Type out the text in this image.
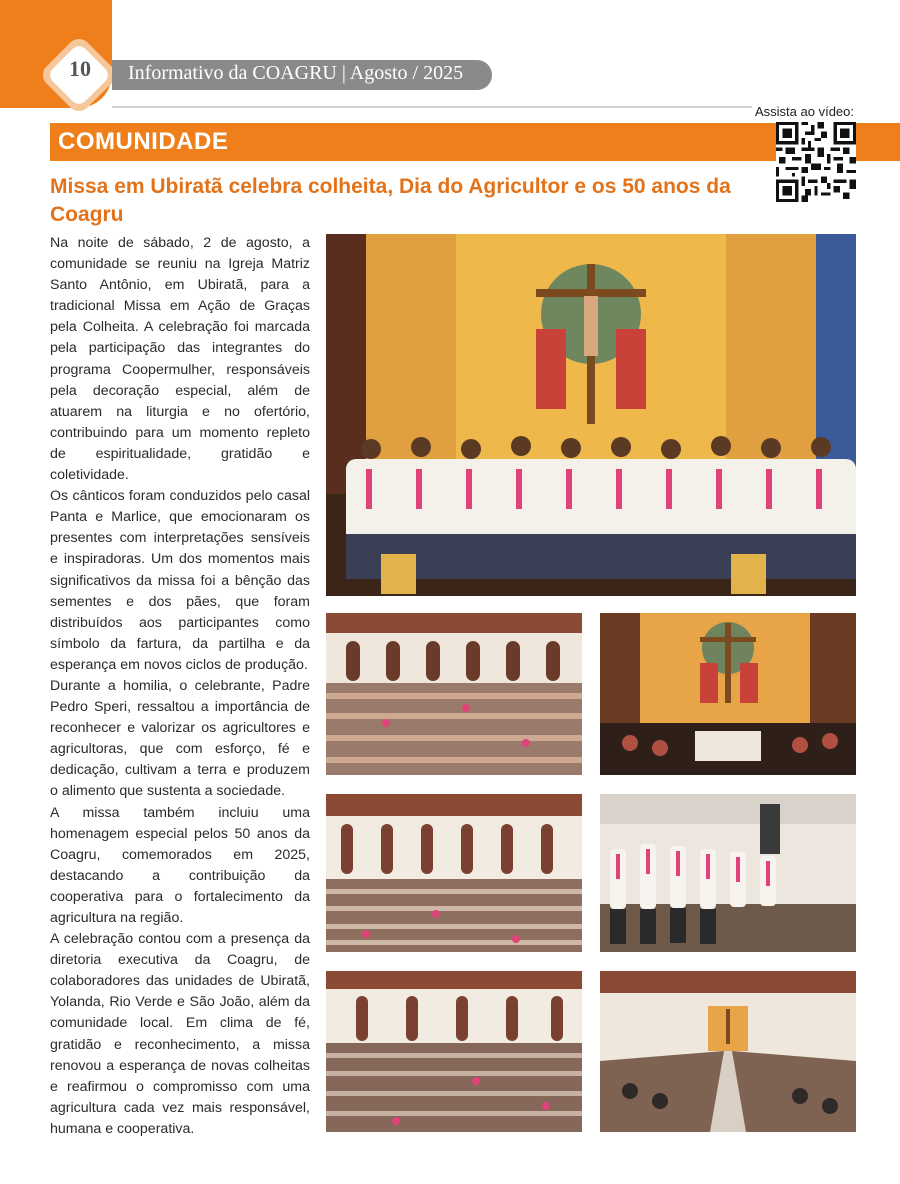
10	Informativo da COAGRU | Agosto / 2025
COMUNIDADE
Assista ao vídeo:
Missa em Ubiratã celebra colheita, Dia do Agricultor e os 50 anos da Coagru

Na noite de sábado, 2 de agosto, a comunidade se reuniu na Igreja Matriz Santo Antônio, em Ubiratã, para a tradicional Missa em Ação de Graças pela Colheita. A celebração foi marcada pela participação das integrantes do programa Coopermulher, responsáveis pela decoração especial, além de atuarem na liturgia e no ofertório, contribuindo para um momento repleto de espiritualidade, gratidão e coletividade.

Os cânticos foram conduzidos pelo casal Panta e Marlice, que emocionaram os presentes com interpretações sensíveis e inspiradoras. Um dos momentos mais significativos da missa foi a bênção das sementes e dos pães, que foram distribuídos aos participantes como símbolo da fartura, da partilha e da esperança em novos ciclos de produção.

Durante a homilia, o celebrante, Padre Pedro Speri, ressaltou a importância de reconhecer e valorizar os agricultores e agricultoras, que com esforço, fé e dedicação, cultivam a terra e produzem o alimento que sustenta a sociedade.

A missa também incluiu uma homenagem especial pelos 50 anos da Coagru, comemorados em 2025, destacando a contribuição da cooperativa para o fortalecimento da agricultura na região.

A celebração contou com a presença da diretoria executiva da Coagru, de colaboradores das unidades de Ubiratã, Yolanda, Rio Verde e São João, além da comunidade local. Em clima de fé, gratidão e reconhecimento, a missa renovou a esperança de novas colheitas e reafirmou o compromisso com uma agricultura cada vez mais responsável, humana e cooperativa.
